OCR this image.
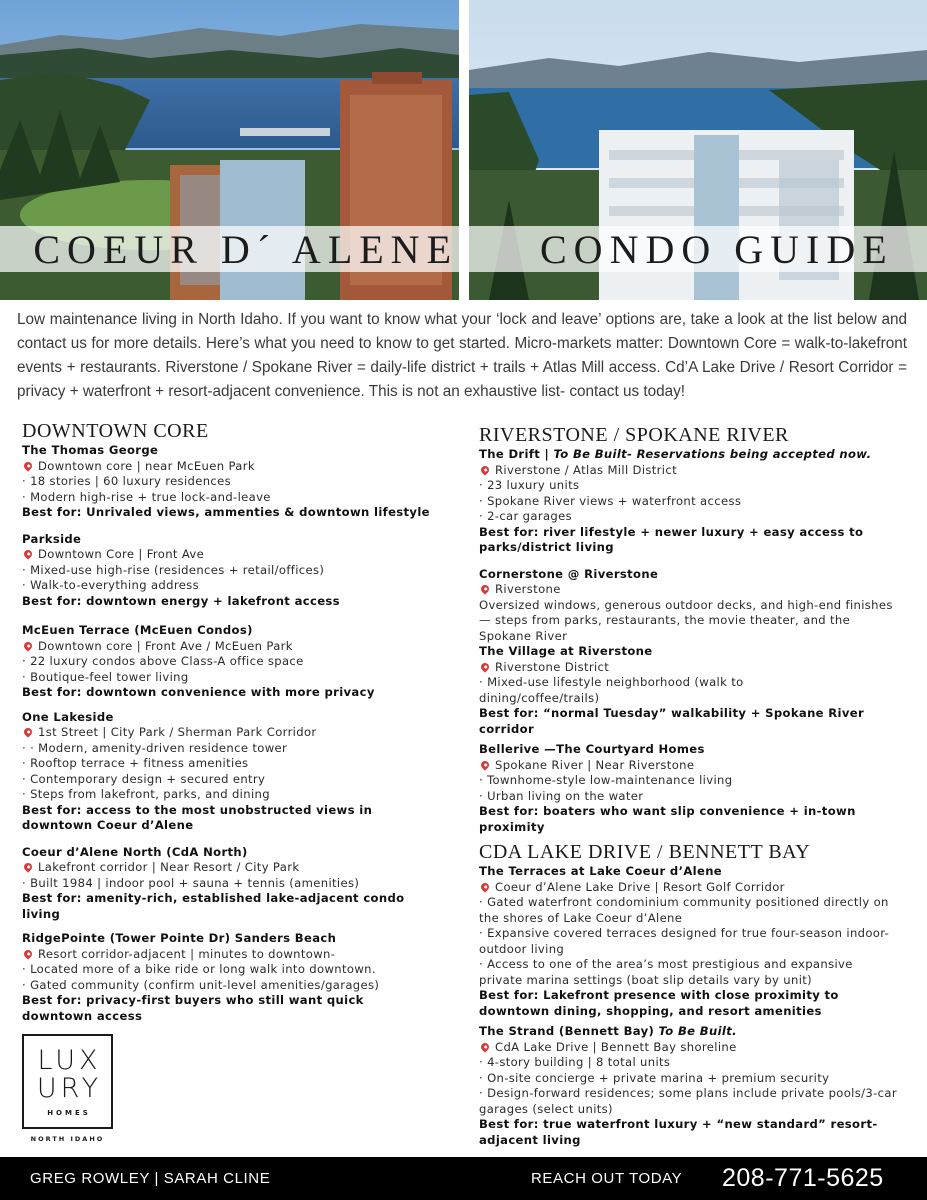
COEUR D´ ALENE CONDO GUIDE

Low maintenance living in North Idaho. If you want to know what your ‘lock and leave’ options are, take a look at the list below and contact us for more details. Here’s what you need to know to get started. Micro-markets matter: Downtown Core = walk-to-lakefront events + restaurants. Riverstone / Spokane River = daily-life district + trails + Atlas Mill access. Cd’A Lake Drive / Resort Corridor = privacy + waterfront + resort-adjacent convenience. This is not an exhaustive list- contact us today!

DOWNTOWN CORE
The Thomas George
Downtown core | near McEuen Park
· 18 stories | 60 luxury residences
· Modern high-rise + true lock-and-leave
Best for: Unrivaled views, ammenties & downtown lifestyle
Parkside
Downtown Core | Front Ave
· Mixed-use high-rise (residences + retail/offices)
· Walk-to-everything address
Best for: downtown energy + lakefront access
McEuen Terrace (McEuen Condos)
Downtown core | Front Ave / McEuen Park
· 22 luxury condos above Class-A office space
· Boutique-feel tower living
Best for: downtown convenience with more privacy
One Lakeside
1st Street | City Park / Sherman Park Corridor
· · Modern, amenity-driven residence tower
· Rooftop terrace + fitness amenities
· Contemporary design + secured entry
· Steps from lakefront, parks, and dining
Best for: access to the most unobstructed views in downtown Coeur d’Alene
Coeur d’Alene North (CdA North)
Lakefront corridor | Near Resort / City Park
· Built 1984 | indoor pool + sauna + tennis (amenities)
Best for: amenity-rich, established lake-adjacent condo living
RidgePointe (Tower Pointe Dr) Sanders Beach
Resort corridor-adjacent | minutes to downtown-
· Located more of a bike ride or long walk into downtown.
· Gated community (confirm unit-level amenities/garages)
Best for: privacy-first buyers who still want quick downtown access
RIVERSTONE / SPOKANE RIVER
The Drift | To Be Built- Reservations being accepted now.
Riverstone / Atlas Mill District
· 23 luxury units
· Spokane River views + waterfront access
· 2-car garages
Best for: river lifestyle + newer luxury + easy access to parks/district living
Cornerstone @ Riverstone
Riverstone
Oversized windows, generous outdoor decks, and high-end finishes — steps from parks, restaurants, the movie theater, and the Spokane River
The Village at Riverstone
Riverstone District
· Mixed-use lifestyle neighborhood (walk to dining/coffee/trails)
Best for: “normal Tuesday” walkability + Spokane River corridor
Bellerive —The Courtyard Homes
Spokane River | Near Riverstone
· Townhome-style low-maintenance living
· Urban living on the water
Best for: boaters who want slip convenience + in-town proximity
CDA LAKE DRIVE / BENNETT BAY
The Terraces at Lake Coeur d’Alene
Coeur d’Alene Lake Drive | Resort Golf Corridor
· Gated waterfront condominium community positioned directly on the shores of Lake Coeur d’Alene
· Expansive covered terraces designed for true four-season indoor-outdoor living
· Access to one of the area’s most prestigious and expansive private marina settings (boat slip details vary by unit)
Best for: Lakefront presence with close proximity to downtown dining, shopping, and resort amenities
The Strand (Bennett Bay) To Be Built.
CdA Lake Drive | Bennett Bay shoreline
· 4-story building | 8 total units
· On-site concierge + private marina + premium security
· Design-forward residences; some plans include private pools/3-car garages (select units)
Best for: true waterfront luxury + “new standard” resort-adjacent living
LUX
URY
HOMES
NORTH IDAHO
GREG ROWLEY | SARAH CLINE	REACH OUT TODAY 208-771-5625
